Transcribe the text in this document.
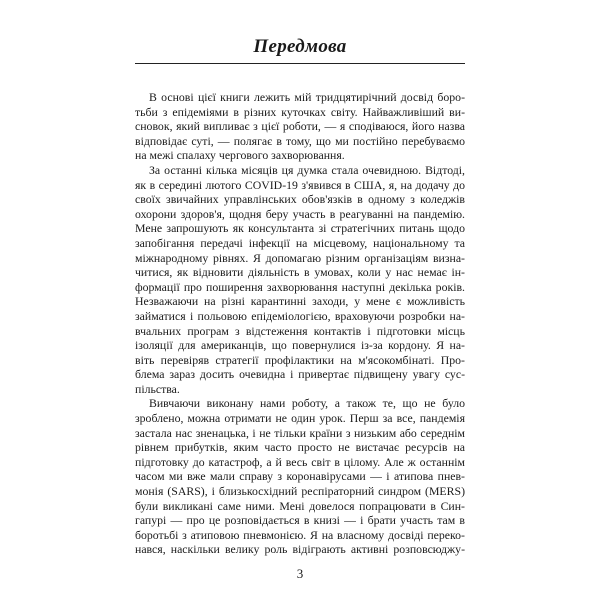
Передмова
В основі цієї книги лежить мій тридцятирічний досвід боро-
тьби з епідеміями в різних куточках світу. Найважливіший ви-
сновок, який випливає з цієї роботи, — я сподіваюся, його назва
відповідає суті, — полягає в тому, що ми постійно перебуваємо
на межі спалаху чергового захворювання.
За останні кілька місяців ця думка стала очевидною. Відтоді,
як в середині лютого COVID-19 з'явився в США, я, на додачу до
своїх звичайних управлінських обов'язків в одному з коледжів
охорони здоров'я, щодня беру участь в реагуванні на пандемію.
Мене запрошують як консультанта зі стратегічних питань щодо
запобігання передачі інфекції на місцевому, національному та
міжнародному рівнях. Я допомагаю різним організаціям визна-
читися, як відновити діяльність в умовах, коли у нас немає ін-
формації про поширення захворювання наступні декілька років.
Незважаючи на різні карантинні заходи, у мене є можливість
займатися і польовою епідеміологією, враховуючи розробки на-
вчальних програм з відстеження контактів і підготовки місць
ізоляції для американців, що повернулися із-за кордону. Я на-
віть перевіряв стратегії профілактики на м'ясокомбінаті. Про-
блема зараз досить очевидна і привертає підвищену увагу сус-
пільства.
Вивчаючи виконану нами роботу, а також те, що не було
зроблено, можна отримати не один урок. Перш за все, пандемія
застала нас зненацька, і не тільки країни з низьким або середнім
рівнем прибутків, яким часто просто не вистачає ресурсів на
підготовку до катастроф, а й весь світ в цілому. Але ж останнім
часом ми вже мали справу з коронавірусами — і атипова пнев-
монія (SARS), і близькосхідний респіраторний синдром (MERS)
були викликані саме ними. Мені довелося попрацювати в Син-
гапурі — про це розповідається в книзі — і брати участь там в
боротьбі з атиповою пневмонією. Я на власному досвіді переко-
нався, наскільки велику роль відіграють активні розповсюджу-
3
